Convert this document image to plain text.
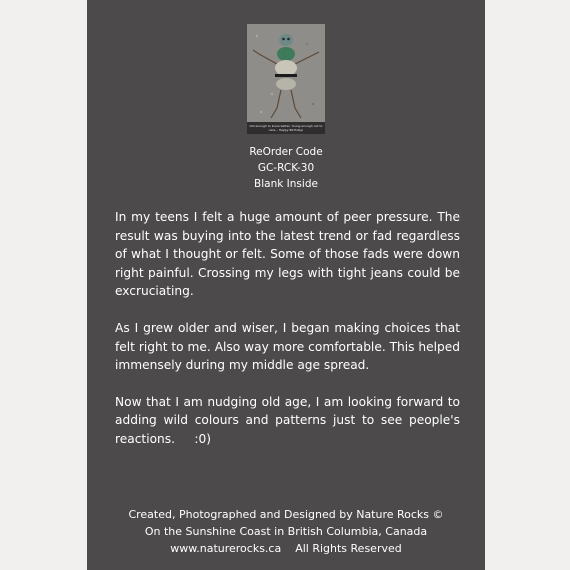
Old enough to know better. Young enough not to care... Happy Birthday!
ReOrder Code
GC-RCK-30
Blank Inside

In my teens I felt a huge amount of peer pressure. The result was buying into the latest trend or fad regardless of what I thought or felt. Some of those fads were down right painful. Crossing my legs with tight jeans could be excruciating.

As I grew older and wiser, I began making choices that felt right to me. Also way more comfortable. This helped immensely during my middle age spread.

Now that I am nudging old age, I am looking forward to adding wild colours and patterns just to see people's reactions.     :0)

Created, Photographed and Designed by Nature Rocks ©
On the Sunshine Coast in British Columbia, Canada
www.naturerocks.ca    All Rights Reserved
